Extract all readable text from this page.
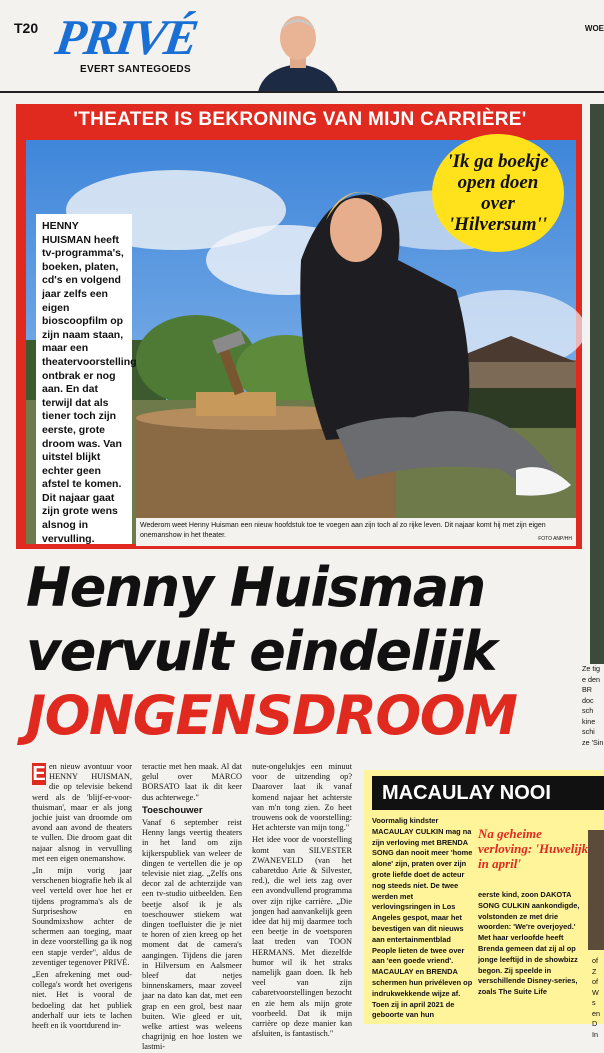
T20 PRIVÉ
EVERT SANTEGOEDS
WOE
'THEATER IS BEKRONING VAN MIJN CARRIÈRE'
HENNY HUISMAN heeft tv-programma's, boeken, platen, cd's en volgend jaar zelfs een eigen bioscoopfilm op zijn naam staan, maar een theatervoorstelling ontbrak er nog aan. En dat terwijl dat als tiener toch zijn eerste, grote droom was. Van uitstel blijkt echter geen afstel te komen. Dit najaar gaat zijn grote wens alsnog in vervulling.
'Ik ga boekje open doen over 'Hilversum''
Wederom weet Henny Huisman een nieuw hoofdstuk toe te voegen aan zijn toch al zo rijke leven. Dit najaar komt hij met zijn eigen onemanshow in het theater.	FOTO ANP/HH
Henny Huisman
vervult eindelijk
JONGENSDROOM
E en nieuw avontuur voor HENNY HUISMAN, die op televisie bekend werd als de 'blijf-er-voor-thuisman', maar er als jong jochie juist van droomde om avond aan avond de theaters te vullen. Die droom gaat dit najaar alsnog in vervulling met een eigen onemanshow.

„In mijn vorig jaar verschenen biografie heb ik al veel verteld over hoe het er tijdens programma's als de Surpriseshow en Soundmixshow achter de schermen aan toeging, maar in deze voorstelling ga ik nog een stapje verder", aldus de zeventiger tegenover PRIVÉ.

„Een afrekening met oud-collega's wordt het overigens niet. Het is vooral de bedoeling dat het publiek anderhalf uur iets te lachen heeft en ik voortdurend in-

teractie met hen maak. Al dat gelul over MARCO BORSATO laat ik dit keer dus achterwege."

Toeschouwer

Vanaf 6 september reist Henny langs veertig theaters in het land om zijn kijkerspubliek van weleer de dingen te vertellen die je op televisie niet ziag. „Zelfs ons decor zal de achterzijde van een tv-studio uitbeelden. Een beetje alsof ik je als toeschouwer stiekem wat dingen toefluister die je niet te horen of zien kreeg op het moment dat de camera's aangingen. Tijdens die jaren in Hilversum en Aalsmeer bleef dat netjes binnenskamers, maar zoveel jaar na dato kan dat, met een grap en een grol, best naar buiten. Wie gleed er uit, welke artiest was weleens chagrijnig en hoe losten we lastmi-

nute-ongelukjes een minuut voor de uitzending op? Daarover laat ik vanaf komend najaar het achterste van m'n tong zien. Zo heet trouwens ook de voorstelling: Het achterste van mijn tong."

Het idee voor de voorstelling komt van SILVESTER ZWANEVELD (van het cabaretduo Arie & Silvester, red.), die wel iets zag over een avondvullend programma over zijn rijke carrière. „Die jongen had aanvankelijk geen idee dat hij mij daarmee toch een beetje in de voetsporen laat treden van TOON HERMANS. Met diezelfde humor wil ik het straks namelijk gaan doen. Ik heb veel van zijn cabaretvoorstellingen bezocht en zie hem als mijn grote voorbeeld. Dat ik mijn carrière op deze manier kan afsluiten, is fantastisch."

MACAULAY NOOI
Voormalig kindster MACAULAY CULKIN mag na zijn verloving met BRENDA SONG dan nooit meer 'home alone' zijn, praten over zijn grote liefde doet de acteur nog steeds niet. De twee werden met verlovingsringen in Los Angeles gespot, maar het bevestigen van dit nieuws aan entertainmentblad People lieten de twee over aan 'een goede vriend'. MACAULAY en BRENDA schermen hun privéleven op indrukwekkende wijze af. Toen zij in april 2021 de geboorte van hun
Na geheime verloving: 'Huwelijk in april'
eerste kind, zoon DAKOTA SONG CULKIN aankondigde, volstonden ze met drie woorden: 'We're overjoyed.' Met haar verloofde heeft Brenda gemeen dat zij al op jonge leeftijd in de showbizz begon. Zij speelde in verschillende Disney-series, zoals The Suite Life
Ze tig e den BR doc sch kine schi ze 'Sin
of Z of W s en D In
